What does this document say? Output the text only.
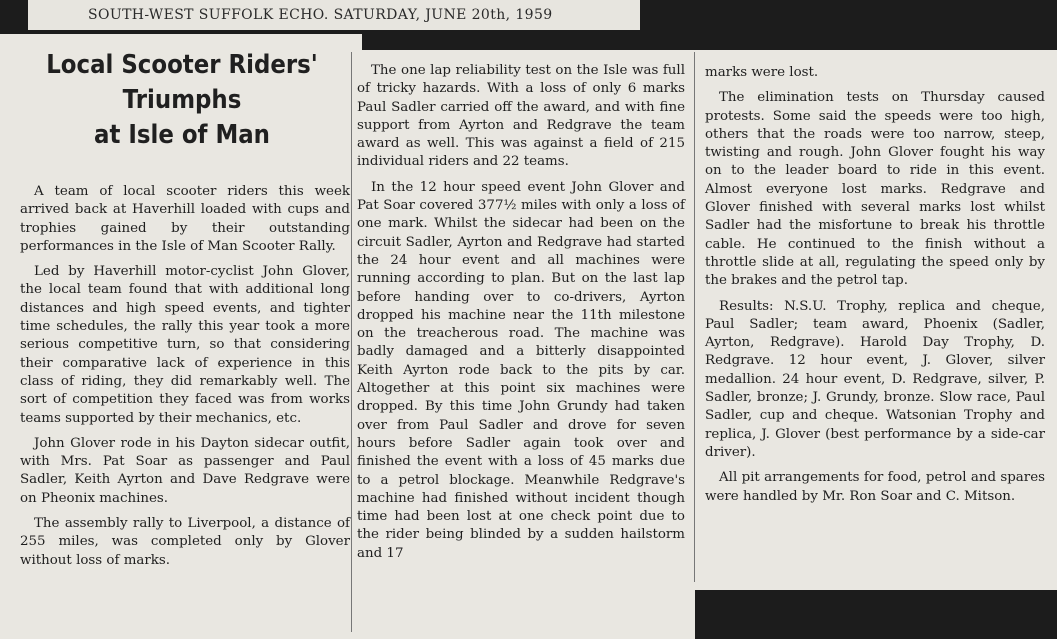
SOUTH-WEST SUFFOLK ECHO. SATURDAY, JUNE 20th, 1959
Local Scooter Riders'
Triumphs
at Isle of Man

A team of local scooter riders this week arrived back at Haverhill loaded with cups and trophies gained by their outstanding performances in the Isle of Man Scooter Rally.

Led by Haverhill motor-cyclist John Glover, the local team found that with additional long distances and high speed events, and tighter time schedules, the rally this year took a more serious competitive turn, so that considering their comparative lack of experience in this class of riding, they did remarkably well. The sort of competition they faced was from works teams supported by their mechanics, etc.

John Glover rode in his Dayton sidecar outfit, with Mrs. Pat Soar as passenger and Paul Sadler, Keith Ayrton and Dave Redgrave were on Pheonix machines.

The assembly rally to Liverpool, a distance of 255 miles, was completed only by Glover without loss of marks.

The one lap reliability test on the Isle was full of tricky hazards. With a loss of only 6 marks Paul Sadler carried off the award, and with fine support from Ayrton and Redgrave the team award as well. This was against a field of 215 individual riders and 22 teams.

In the 12 hour speed event John Glover and Pat Soar covered 377½ miles with only a loss of one mark. Whilst the sidecar had been on the circuit Sadler, Ayrton and Redgrave had started the 24 hour event and all machines were running according to plan. But on the last lap before handing over to co-drivers, Ayrton dropped his machine near the 11th milestone on the treacherous road. The machine was badly damaged and a bitterly disappointed Keith Ayrton rode back to the pits by car. Altogether at this point six machines were dropped. By this time John Grundy had taken over from Paul Sadler and drove for seven hours before Sadler again took over and finished the event with a loss of 45 marks due to a petrol blockage. Meanwhile Redgrave's machine had finished without incident though time had been lost at one check point due to the rider being blinded by a sudden hailstorm and 17

marks were lost.

The elimination tests on Thursday caused protests. Some said the speeds were too high, others that the roads were too narrow, steep, twisting and rough. John Glover fought his way on to the leader board to ride in this event. Almost everyone lost marks. Redgrave and Glover finished with several marks lost whilst Sadler had the misfortune to break his throttle cable. He continued to the finish without a throttle slide at all, regulating the speed only by the brakes and the petrol tap.

Results: N.S.U. Trophy, replica and cheque, Paul Sadler; team award, Phoenix (Sadler, Ayrton, Redgrave). Harold Day Trophy, D. Redgrave. 12 hour event, J. Glover, silver medallion. 24 hour event, D. Redgrave, silver, P. Sadler, bronze; J. Grundy, bronze. Slow race, Paul Sadler, cup and cheque. Watsonian Trophy and replica, J. Glover (best performance by a side-car driver).

All pit arrangements for food, petrol and spares were handled by Mr. Ron Soar and C. Mitson.
